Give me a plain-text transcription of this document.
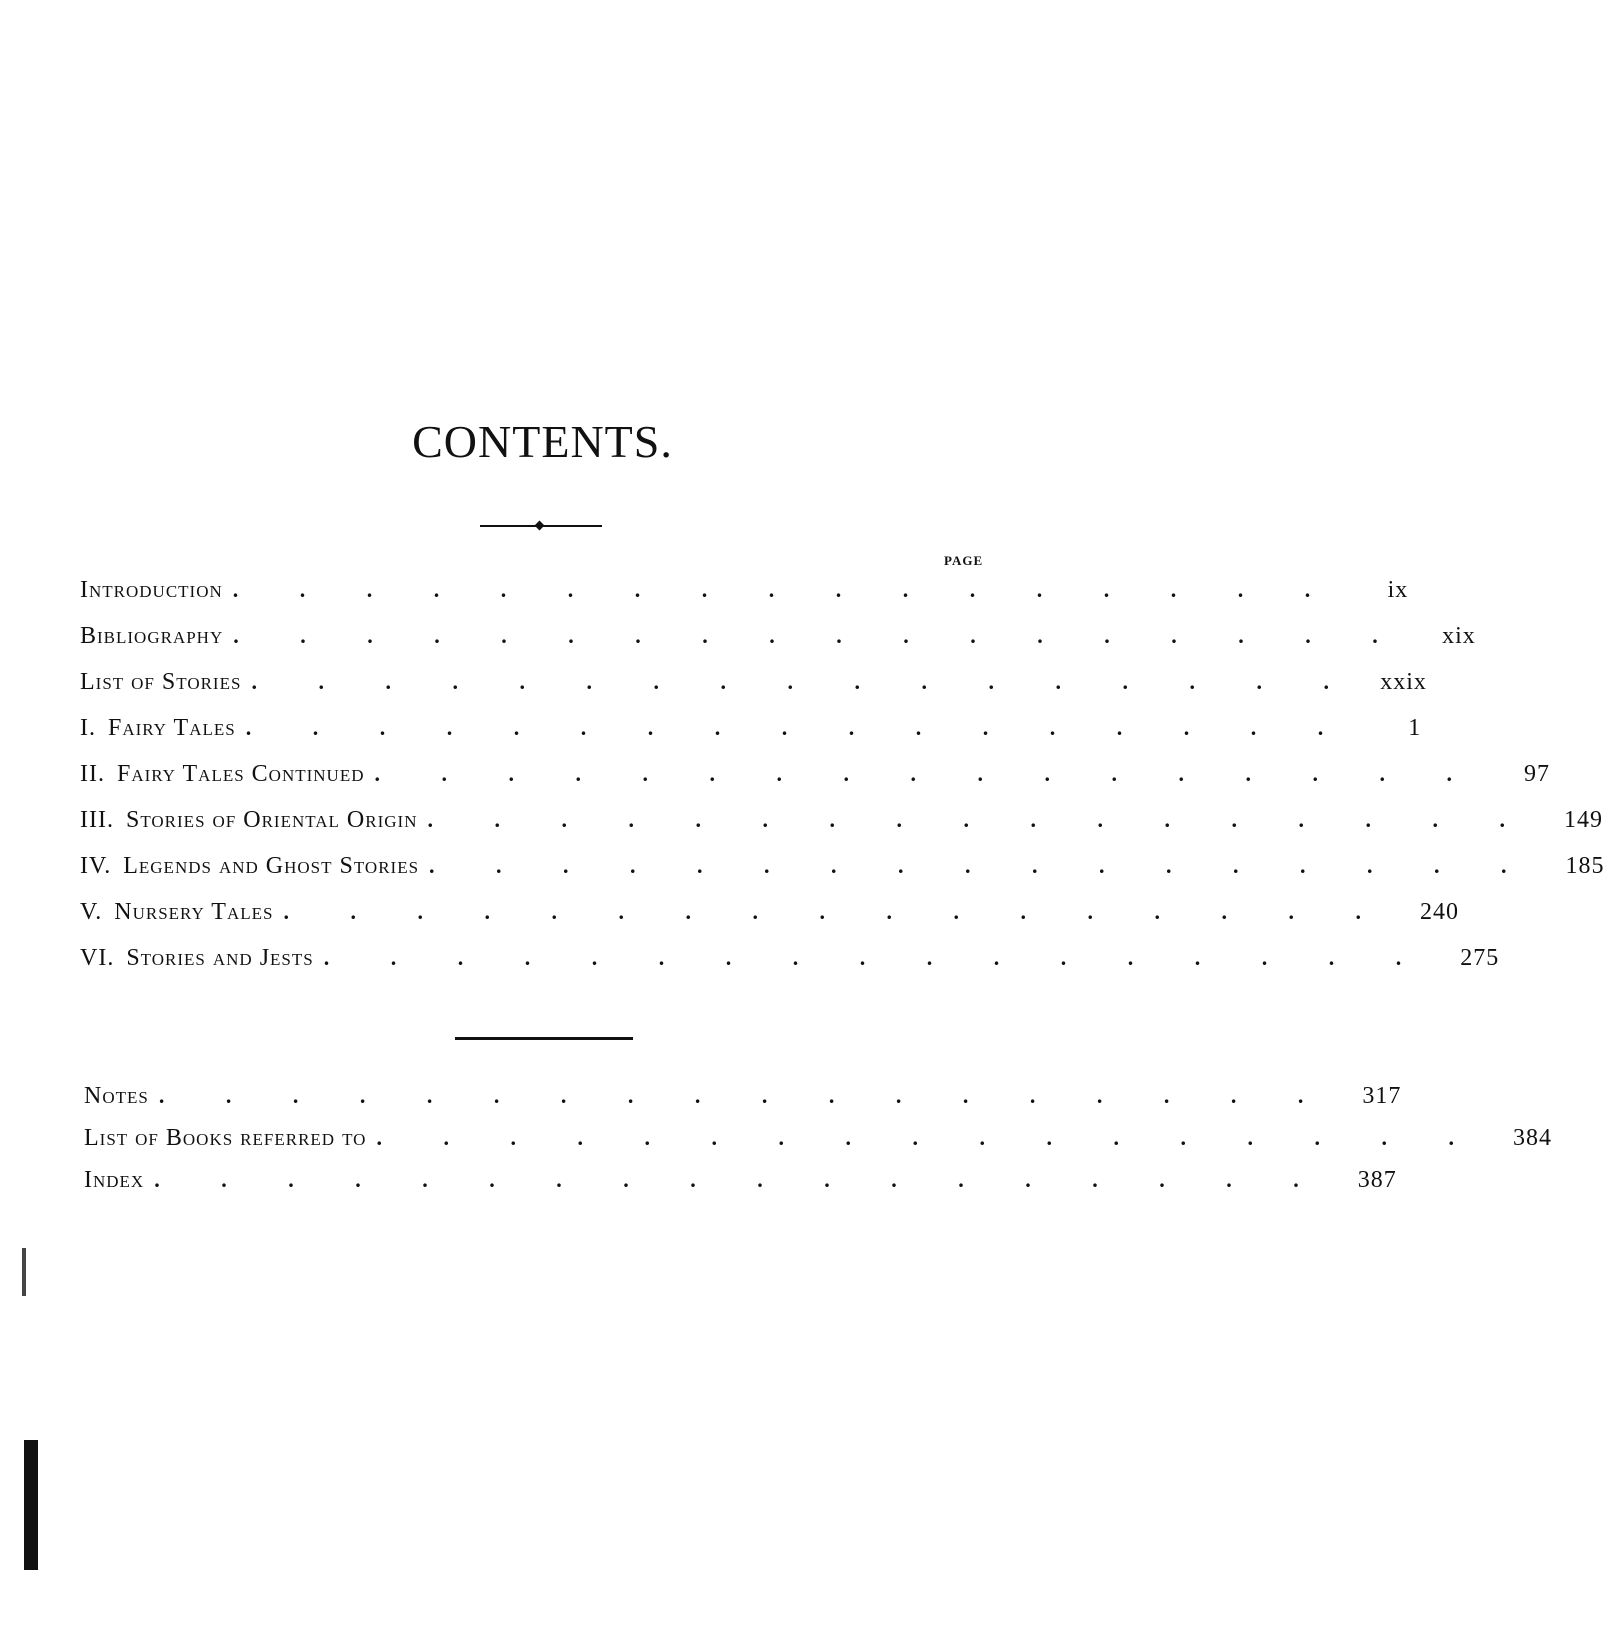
CONTENTS.
PAGE
Introduction . . . . . . . . . . . . . . . . .	ix
Bibliography . . . . . . . . . . . . . . . . . .	xix
List of Stories . . . . . . . . . . . . . . . . . xxix
I. Fairy Tales . . . . . . . . . . . . . . . . .	1
II. Fairy Tales Continued . . . . . . . . . . . . . . . . .	97
III. Stories of Oriental Origin . . . . . . . . . . . . . . . . .	149
IV. Legends and Ghost Stories . . . . . . . . . . . . . . . . .	185
V. Nursery Tales . . . . . . . . . . . . . . . . .	240
VI. Stories and Jests . . . . . . . . . . . . . . . . .	275
Notes . . . . . . . . . . . . . . . . . .	317
List of Books referred to . . . . . . . . . . . . . . . . .	384
Index . . . . . . . . . . . . . . . . . .	387
